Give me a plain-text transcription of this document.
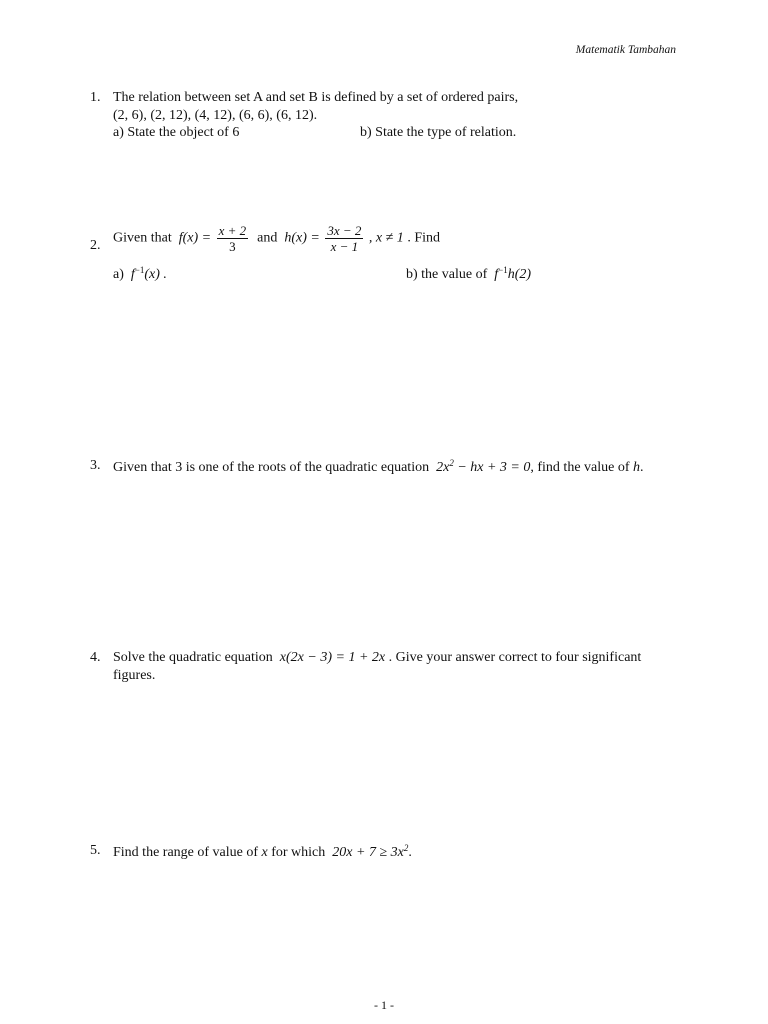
Matematik Tambahan
1. The relation between set A and set B is defined by a set of ordered pairs,
(2, 6), (2, 12), (4, 12), (6, 6), (6, 12).
a) State the object of 6	b) State the type of relation.
2. Given that $f(x) = \frac{x + 2}{3}$ and $h(x) = \frac{3x - 2}{x - 1}$ , x ≠ 1 . Find
a) $f^{-1}(x)$ .	b) the value of $f^{-1}h(2)$
3. Given that 3 is one of the roots of the quadratic equation $2x^2$ − hx + 3 = 0, find the value of h.
4. Solve the quadratic equation x(2x − 3) = 1 + 2x . Give your answer correct to four significant
figures.
5. Find the range of value of x for which $20x + 7 \ge 3x^2$.
- 1 -
